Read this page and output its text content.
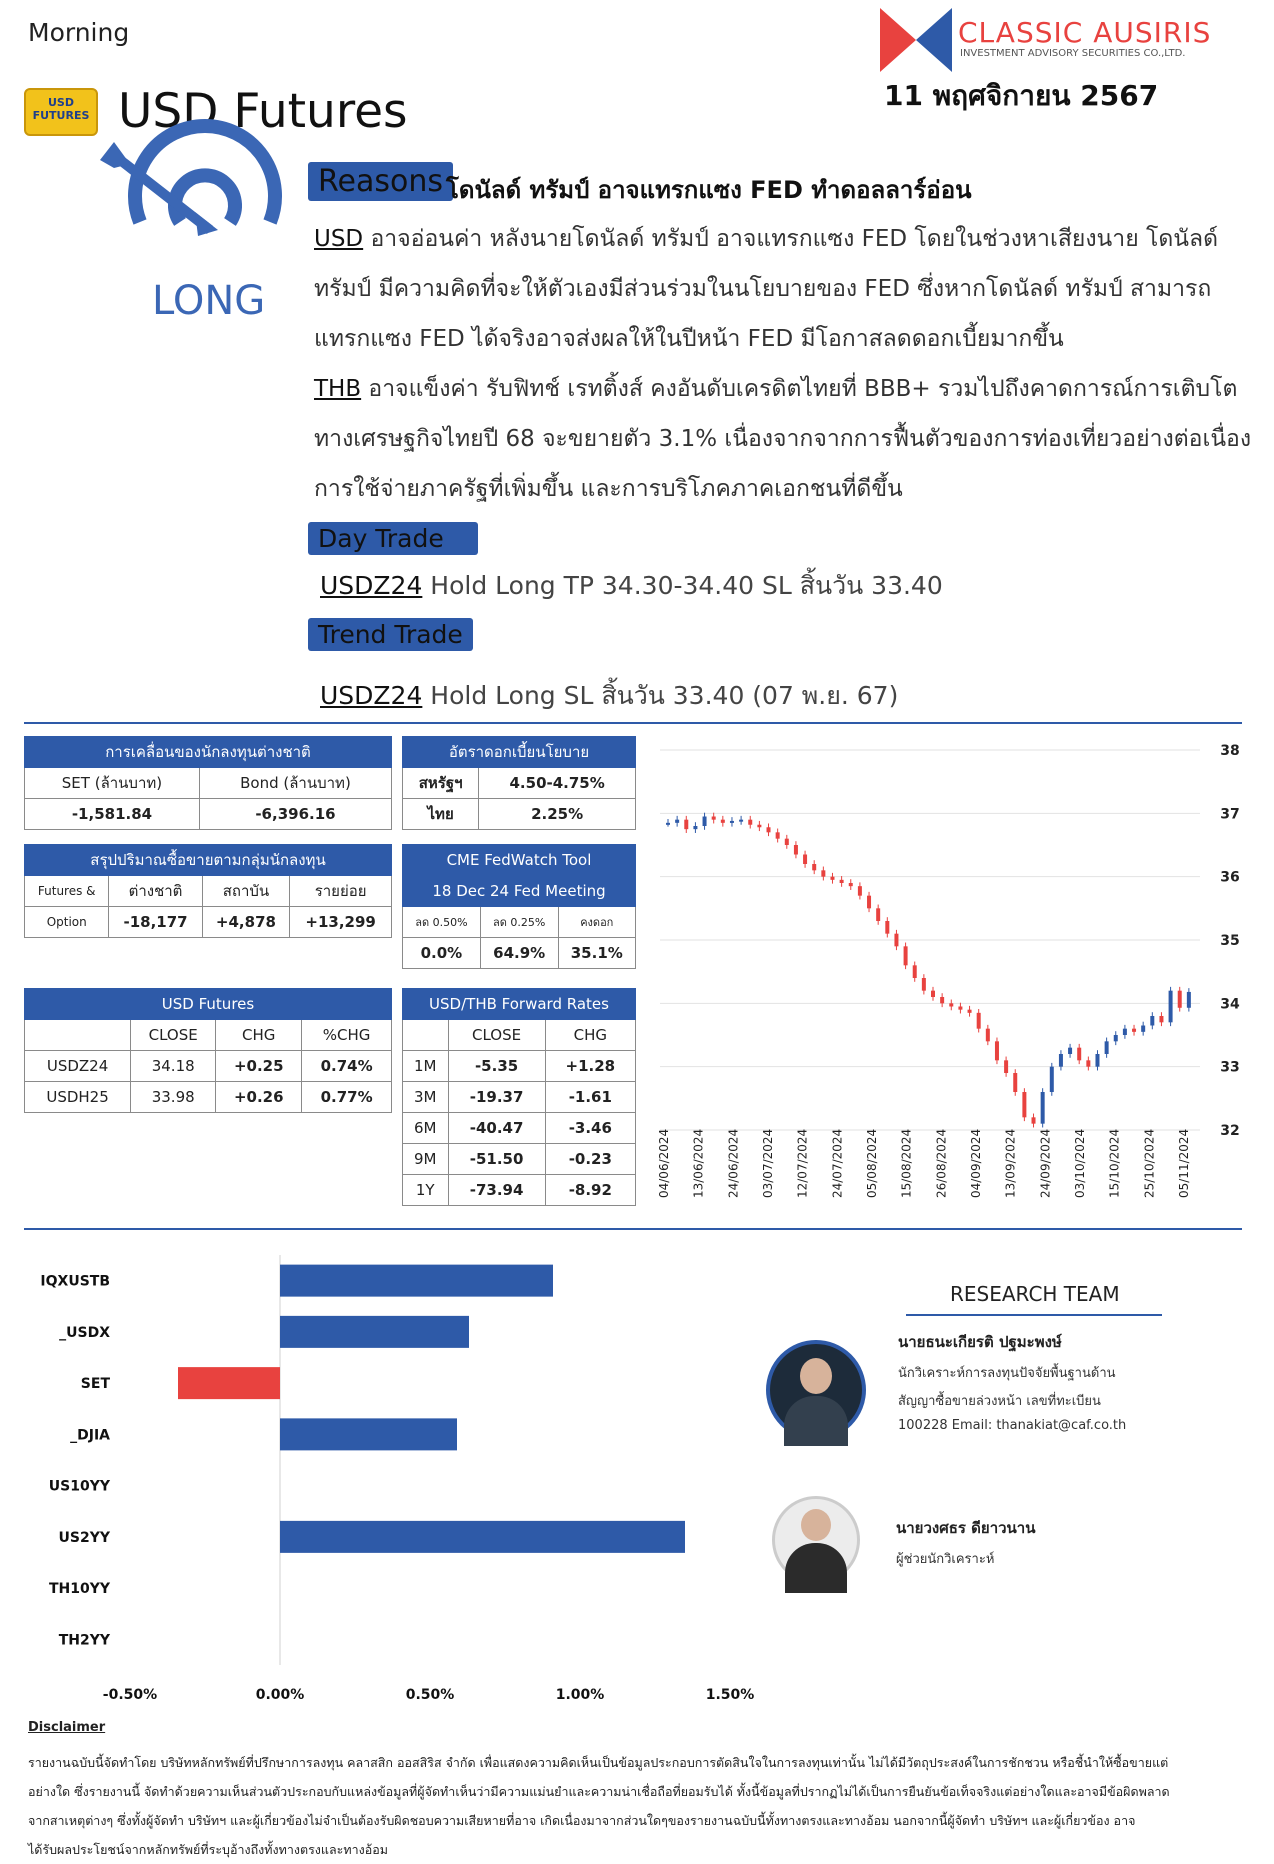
Morning
USD FUTURES USD Futures
CLASSIC AUSIRIS
INVESTMENT ADVISORY SECURITIES CO.,LTD.
11 พฤศจิกายน 2567
LONG
Reasons โดนัลด์ ทรัมป์ อาจแทรกแซง FED ทำดอลลาร์อ่อน
USD อาจอ่อนค่า หลังนายโดนัลด์ ทรัมป์ อาจแทรกแซง FED โดยในช่วงหาเสียงนาย โดนัลด์ ทรัมป์ มีความคิดที่จะให้ตัวเองมีส่วนร่วมในนโยบายของ FED ซึ่งหากโดนัลด์ ทรัมป์ สามารถแทรกแซง FED ได้จริงอาจส่งผลให้ในปีหน้า FED มีโอกาสลดดอกเบี้ยมากขึ้น
THB อาจแข็งค่า รับฟิทช์ เรทติ้งส์ คงอันดับเครดิตไทยที่ BBB+ รวมไปถึงคาดการณ์การเติบโตทางเศรษฐกิจไทยปี 68 จะขยายตัว 3.1% เนื่องจากจากการฟื้นตัวของการท่องเที่ยวอย่างต่อเนื่อง การใช้จ่ายภาครัฐที่เพิ่มขึ้น และการบริโภคภาคเอกชนที่ดีขึ้น
Day Trade
USDZ24 Hold Long TP 34.30-34.40 SL สิ้นวัน 33.40
Trend Trade
USDZ24 Hold Long SL สิ้นวัน 33.40 (07 พ.ย. 67)
การเคลื่อนของนักลงทุนต่างชาติ	
SET (ล้านบาท)	Bond (ล้านบาท)
-1,581.84	-6,396.16
อัตราดอกเบี้ยนโยบาย	
สหรัฐฯ	4.50-4.75%
ไทย	2.25%
สรุปปริมาณซื้อขายตามกลุ่มนักลงทุน			
Futures &	ต่างชาติ	สถาบัน	รายย่อย
Option	-18,177	+4,878	+13,299
CME FedWatch Tool		
18 Dec 24 Fed Meeting		
ลด 0.50%	ลด 0.25%	คงดอก
0.0%	64.9%	35.1%
USD Futures			
	CLOSE	CHG	%CHG
USDZ24	34.18	+0.25	0.74%
USDH25	33.98	+0.26	0.77%
USD/THB Forward Rates		
	CLOSE	CHG
1M	-5.35	+1.28
3M	-19.37	-1.61
6M	-40.47	-3.46
9M	-51.50	-0.23
1Y	-73.94	-8.92
38
37
36
35
34
33
32
04/06/2024 13/06/2024 24/06/2024 03/07/2024 12/07/2024 24/07/2024 05/08/2024 15/08/2024 26/08/2024 04/09/2024 13/09/2024 24/09/2024 03/10/2024 15/10/2024 25/10/2024 05/11/2024
IQXUSTB
_USDX
SET
_DJIA
US10YY
US2YY
TH10YY
TH2YY
-0.50%	0.00%	0.50%	1.00%	1.50%
RESEARCH TEAM
นายธนะเกียรติ ปฐมะพงษ์
นักวิเคราะห์การลงทุนปัจจัยพื้นฐานด้าน
สัญญาซื้อขายล่วงหน้า เลขที่ทะเบียน
100228 Email: thanakiat@caf.co.th
นายวงศธร ดียาวนาน
ผู้ช่วยนักวิเคราะห์
Disclaimer
รายงานฉบับนี้จัดทำโดย บริษัทหลักทรัพย์ที่ปรึกษาการลงทุน คลาสสิก ออสสิริส จำกัด เพื่อแสดงความคิดเห็นเป็นข้อมูลประกอบการตัดสินใจในการลงทุนเท่านั้น ไม่ได้มีวัตถุประสงค์ในการชักชวน หรือชี้นำให้ซื้อขายแต่
อย่างใด ซึ่งรายงานนี้ จัดทำด้วยความเห็นส่วนตัวประกอบกับแหล่งข้อมูลที่ผู้จัดทำเห็นว่ามีความแม่นยำและความน่าเชื่อถือที่ยอมรับได้ ทั้งนี้ข้อมูลที่ปรากฏไม่ได้เป็นการยืนยันข้อเท็จจริงแต่อย่างใดและอาจมีข้อผิดพลาด
จากสาเหตุต่างๆ ซึ่งทั้งผู้จัดทำ บริษัทฯ และผู้เกี่ยวข้องไม่จำเป็นต้องรับผิดชอบความเสียหายที่อาจ เกิดเนื่องมาจากส่วนใดๆของรายงานฉบับนี้ทั้งทางตรงและทางอ้อม นอกจากนี้ผู้จัดทำ บริษัทฯ และผู้เกี่ยวข้อง อาจ
ได้รับผลประโยชน์จากหลักทรัพย์ที่ระบุอ้างถึงทั้งทางตรงและทางอ้อม
